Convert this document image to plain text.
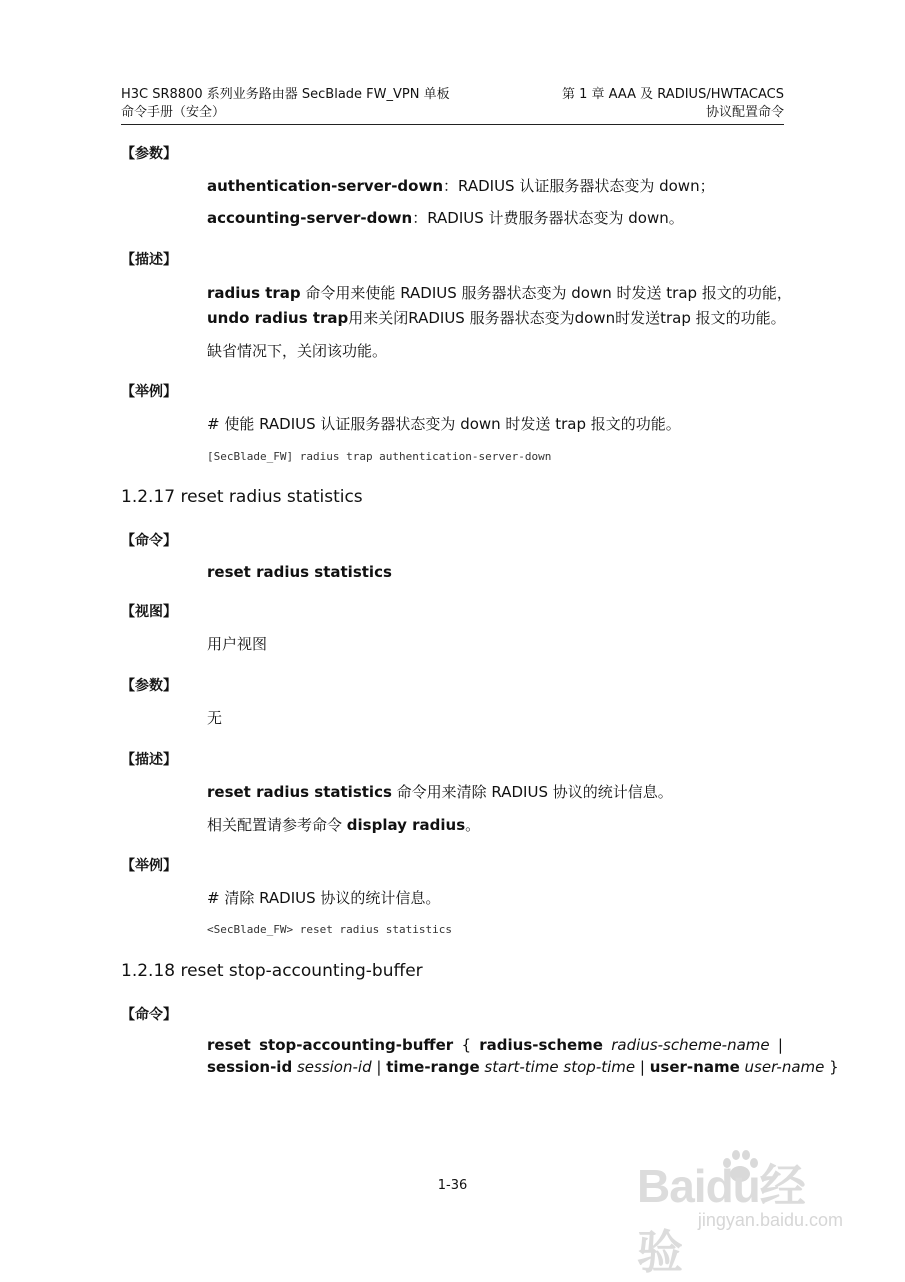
H3C SR8800 系列业务路由器 SecBlade FW_VPN 单板
命令手册（安全）
第 1 章 AAA 及 RADIUS/HWTACACS
协议配置命令
【参数】
authentication-server-down：RADIUS 认证服务器状态变为 down；
accounting-server-down：RADIUS 计费服务器状态变为 down。
【描述】
radius trap 命令用来使能 RADIUS 服务器状态变为 down 时发送 trap 报文的功能，
undo radius trap用来关闭RADIUS 服务器状态变为down时发送trap 报文的功能。
缺省情况下，关闭该功能。
【举例】
# 使能 RADIUS 认证服务器状态变为 down 时发送 trap 报文的功能。
[SecBlade_FW] radius trap authentication-server-down
1.2.17 reset radius statistics
【命令】
reset radius statistics
【视图】
用户视图
【参数】
无
【描述】
reset radius statistics 命令用来清除 RADIUS 协议的统计信息。
相关配置请参考命令 display radius。
【举例】
# 清除 RADIUS 协议的统计信息。
<SecBlade_FW> reset radius statistics
1.2.18 reset stop-accounting-buffer
【命令】
reset stop-accounting-buffer { radius-scheme radius-scheme-name |
session-id session-id | time-range start-time stop-time | user-name user-name }
1-36	Baidu经验
jingyan.baidu.com
